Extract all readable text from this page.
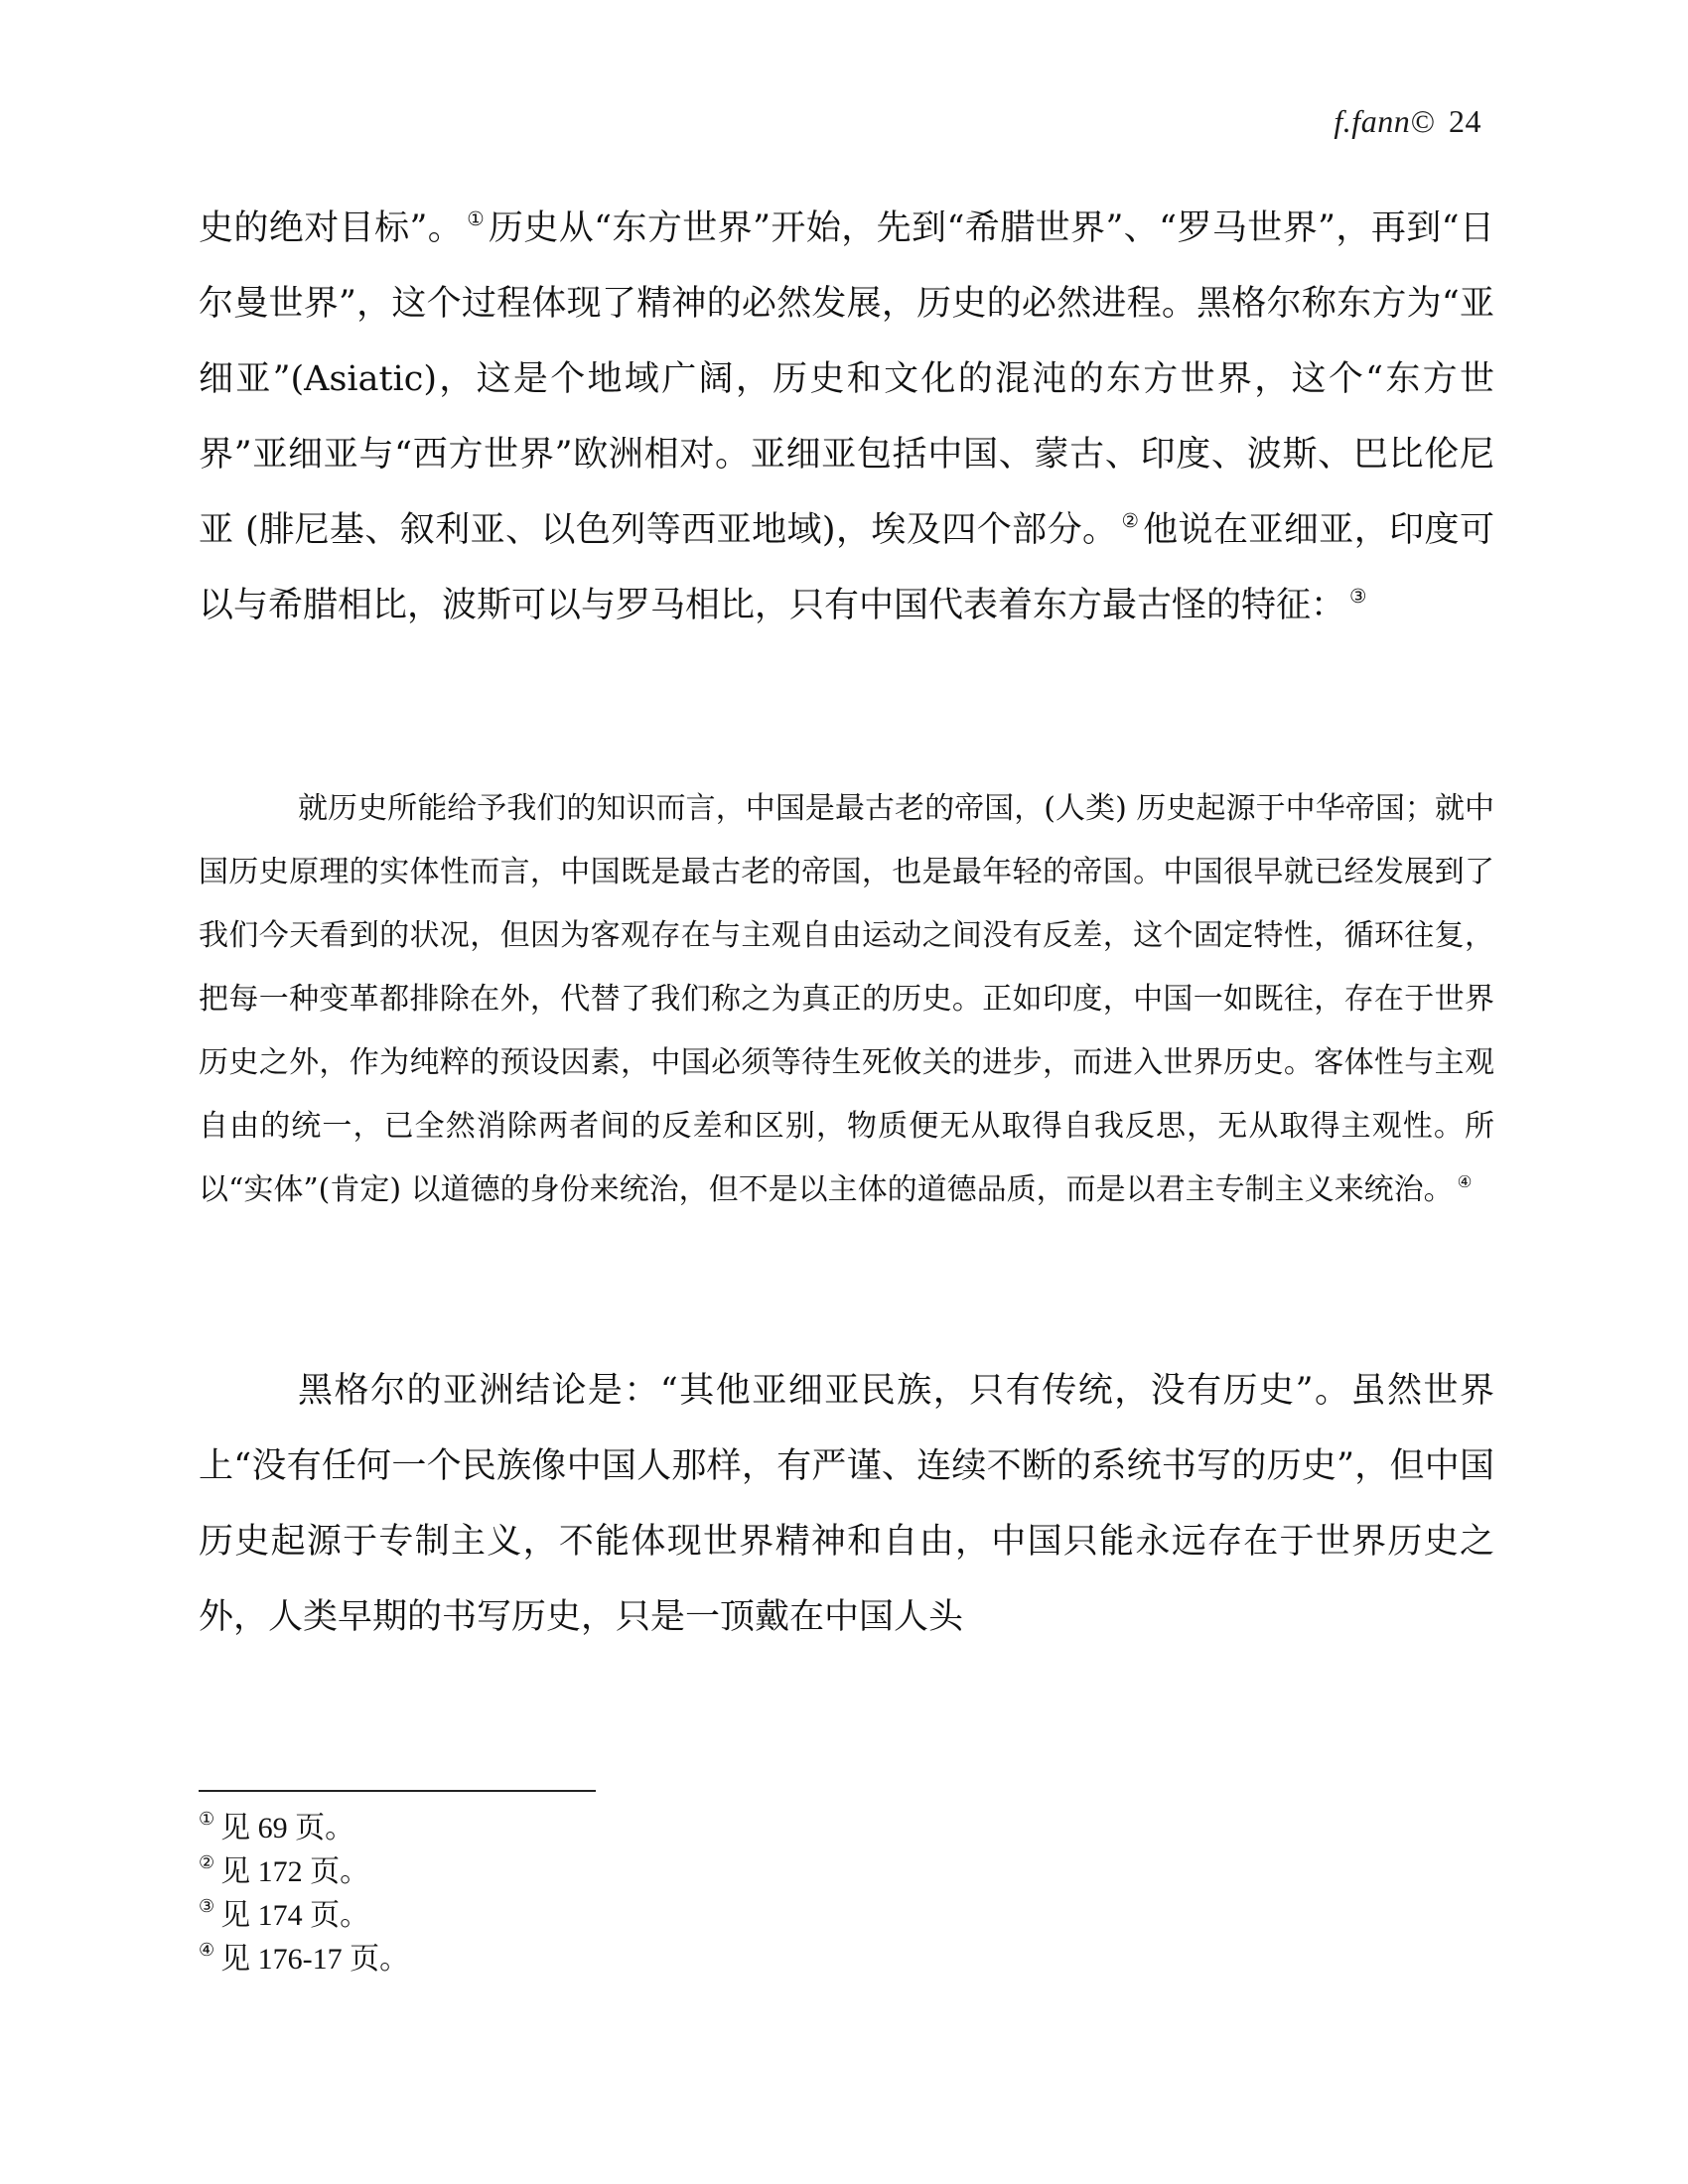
f.fann© 24

史的绝对目标”。 ① 历史从“东方世界”开始，先到“希腊世界”、“罗马世界”，再到“日尔曼世界”，这个过程体现了精神的必然发展，历史的必然进程。黑格尔称东方为“亚细亚”(Asiatic)，这是个地域广阔，历史和文化的混沌的东方世界，这个“东方世界”亚细亚与“西方世界”欧洲相对。亚细亚包括中国、蒙古、印度、波斯、巴比伦尼亚 (腓尼基、叙利亚、以色列等西亚地域)，埃及四个部分。 ② 他说在亚细亚，印度可以与希腊相比，波斯可以与罗马相比，只有中国代表着东方最古怪的特征： ③

就历史所能给予我们的知识而言，中国是最古老的帝国，(人类) 历史起源于中华帝国；就中国历史原理的实体性而言，中国既是最古老的帝国，也是最年轻的帝国。中国很早就已经发展到了我们今天看到的状况，但因为客观存在与主观自由运动之间没有反差，这个固定特性，循环往复，把每一种变革都排除在外，代替了我们称之为真正的历史。正如印度，中国一如既往，存在于世界历史之外，作为纯粹的预设因素，中国必须等待生死攸关的进步，而进入世界历史。客体性与主观自由的统一，已全然消除两者间的反差和区别，物质便无从取得自我反思，无从取得主观性。所以“实体”(肯定) 以道德的身份来统治，但不是以主体的道德品质，而是以君主专制主义来统治。 ④

黑格尔的亚洲结论是：“其他亚细亚民族，只有传统，没有历史”。虽然世界上“没有任何一个民族像中国人那样，有严谨、连续不断的系统书写的历史”，但中国历史起源于专制主义，不能体现世界精神和自由，中国只能永远存在于世界历史之外，人类早期的书写历史，只是一顶戴在中国人头

① 见 69 页。
② 见 172 页。
③ 见 174 页。
④ 见 176-17 页。
